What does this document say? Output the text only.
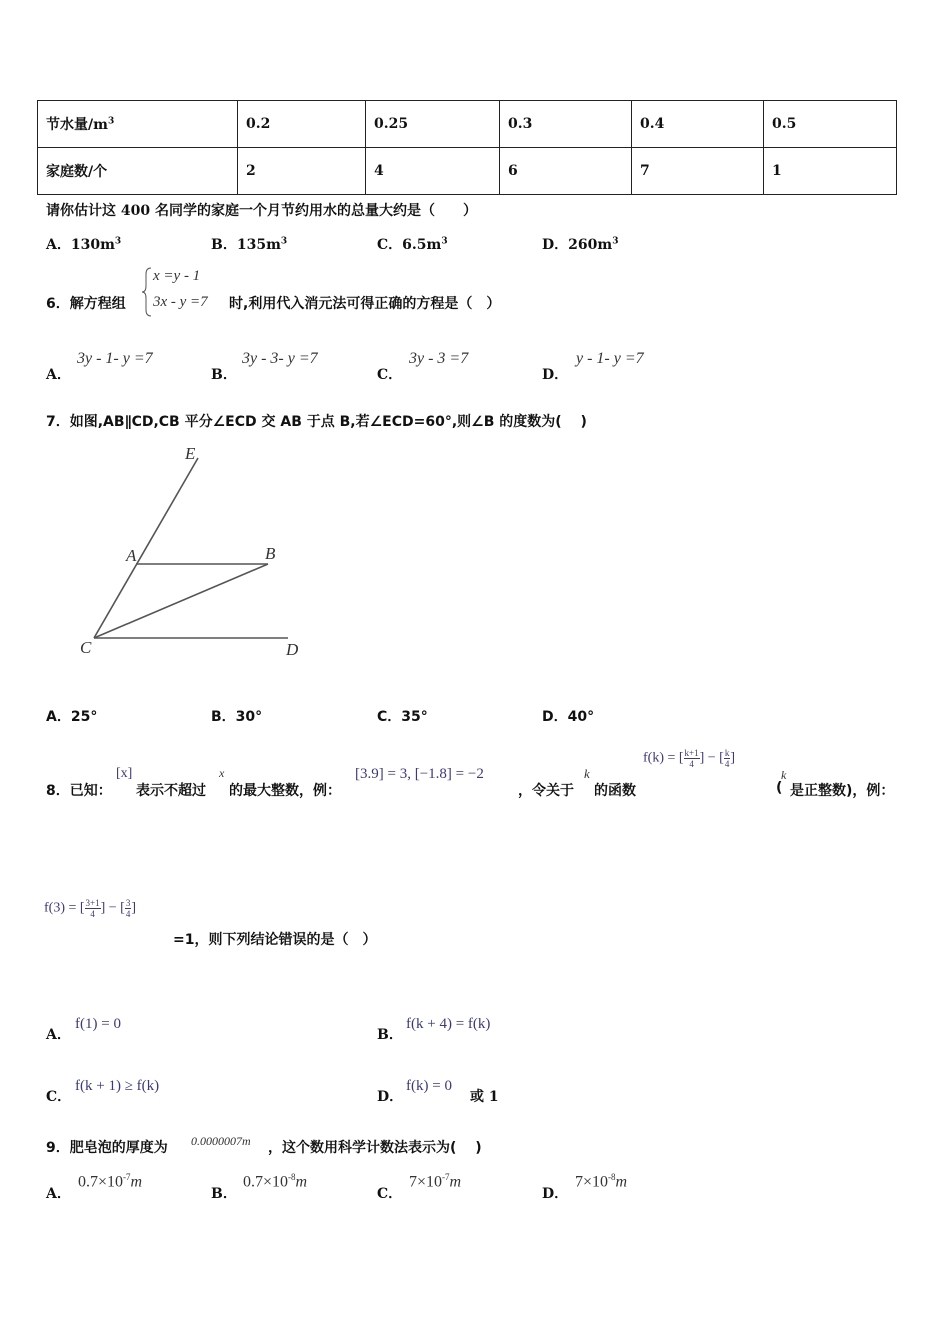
节水量$/m^3$	0.2	0.25	0.3	0.4	0.5
家庭数/个	2	4	6	7	1
请你估计这 400 名同学的家庭一个月节约用水的总量大约是（　　）
A．$130m^3$	B．$135m^3$	C．$6.5m^3$	D．$260m^3$
6．解方程组
x =y - 1
3x - y =7 时,利用代入消元法可得正确的方程是（　）
A．
3y - 1- y =7
B．
3y - 3- y =7
C．
3y - 3 =7
D．
y - 1- y =7
7．如图,AB∥CD,CB 平分∠ECD 交 AB 于点 B,若∠ECD=60°,则∠B 的度数为(　 )
E
A	B
C	D
A．25°	B．30°	C．35°	D．40°
8．已知：
[x]
表示不超过
x
的最大整数，例：
[3.9] = 3, [−1.8] = −2
，令关于
k
的函数
f(k) = [ $\frac{k+1}{4}$ ] − [ $\frac{k}{4}$ ]
k
( 是正整数)，例：
f(3) = [ $\frac{3+1}{4}$ ] − [ $\frac{3}{4}$ ]
=1，则下列结论错误的是（　）
A．
f(1) = 0
B．
f(k + 4) = f(k)
C．
f(k + 1) ≥ f(k)
D．
f(k) = 0
或 1
9．肥皂泡的厚度为 0.0000007m ，这个数用科学计数法表示为(　 )
A．
$0.7\times 10^{-7}m$
B．
$0.7\times 10^{-8}m$
C．
$7\times 10^{-7}m$
D．
$7\times 10^{-8}m$
